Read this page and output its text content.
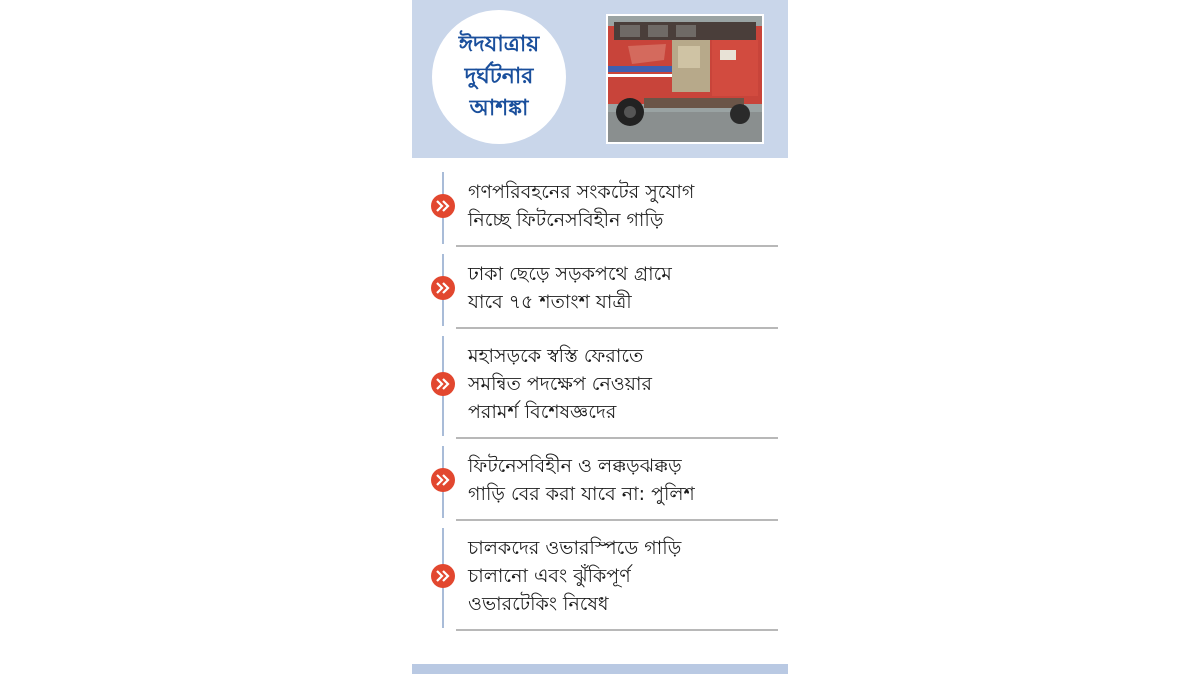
ঈদযাত্রায়
দুর্ঘটনার
আশঙ্কা
গণপরিবহনের সংকটের সুযোগ
নিচ্ছে ফিটনেসবিহীন গাড়ি
ঢাকা ছেড়ে সড়কপথে গ্রামে
যাবে ৭৫ শতাংশ যাত্রী
মহাসড়কে স্বস্তি ফেরাতে
সমন্বিত পদক্ষেপ নেওয়ার
পরামর্শ বিশেষজ্ঞদের
ফিটনেসবিহীন ও লক্কড়ঝক্কড়
গাড়ি বের করা যাবে না: পুলিশ
চালকদের ওভারস্পিডে গাড়ি
চালানো এবং ঝুঁকিপূর্ণ
ওভারটেকিং নিষেধ
